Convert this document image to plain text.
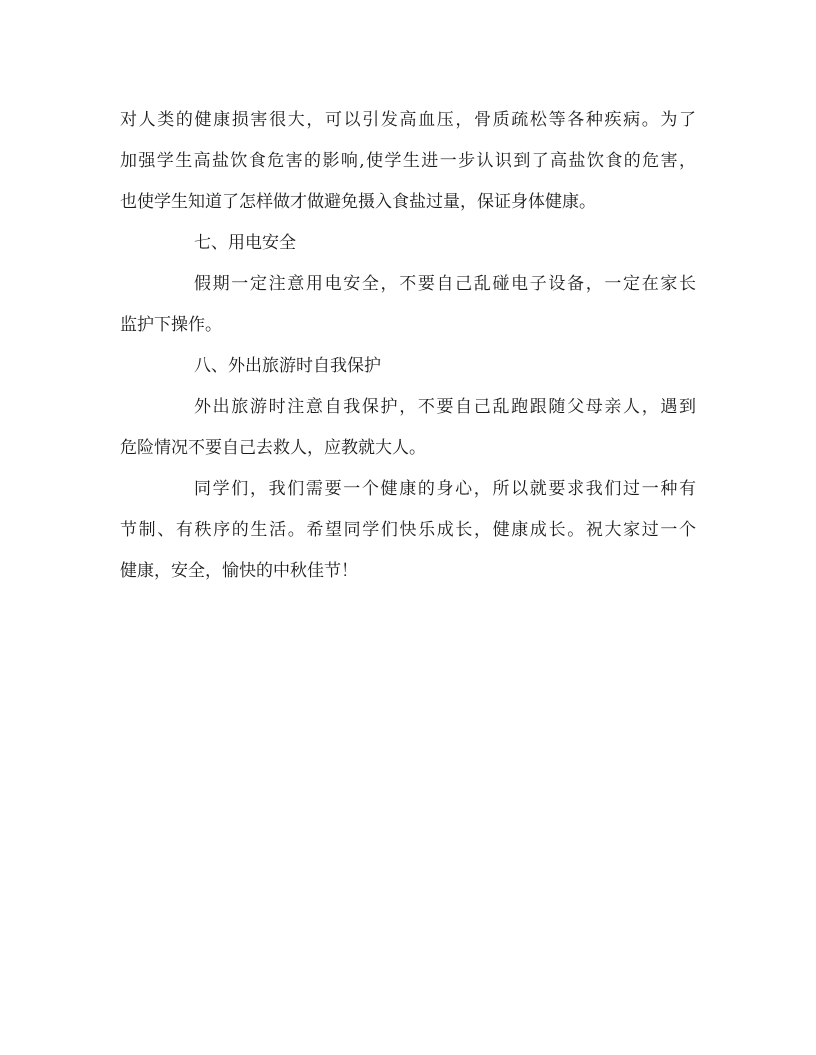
对人类的健康损害很大，可以引发高血压，骨质疏松等各种疾病。为了
加强学生高盐饮食危害的影响,使学生进一步认识到了高盐饮食的危害，
也使学生知道了怎样做才做避免摄入食盐过量，保证身体健康。
七、用电安全
假期一定注意用电安全，不要自己乱碰电子设备，一定在家长
监护下操作。
八、外出旅游时自我保护
外出旅游时注意自我保护，不要自己乱跑跟随父母亲人，遇到
危险情况不要自己去救人，应教就大人。
同学们，我们需要一个健康的身心，所以就要求我们过一种有
节制、有秩序的生活。希望同学们快乐成长，健康成长。祝大家过一个
健康，安全，愉快的中秋佳节！
